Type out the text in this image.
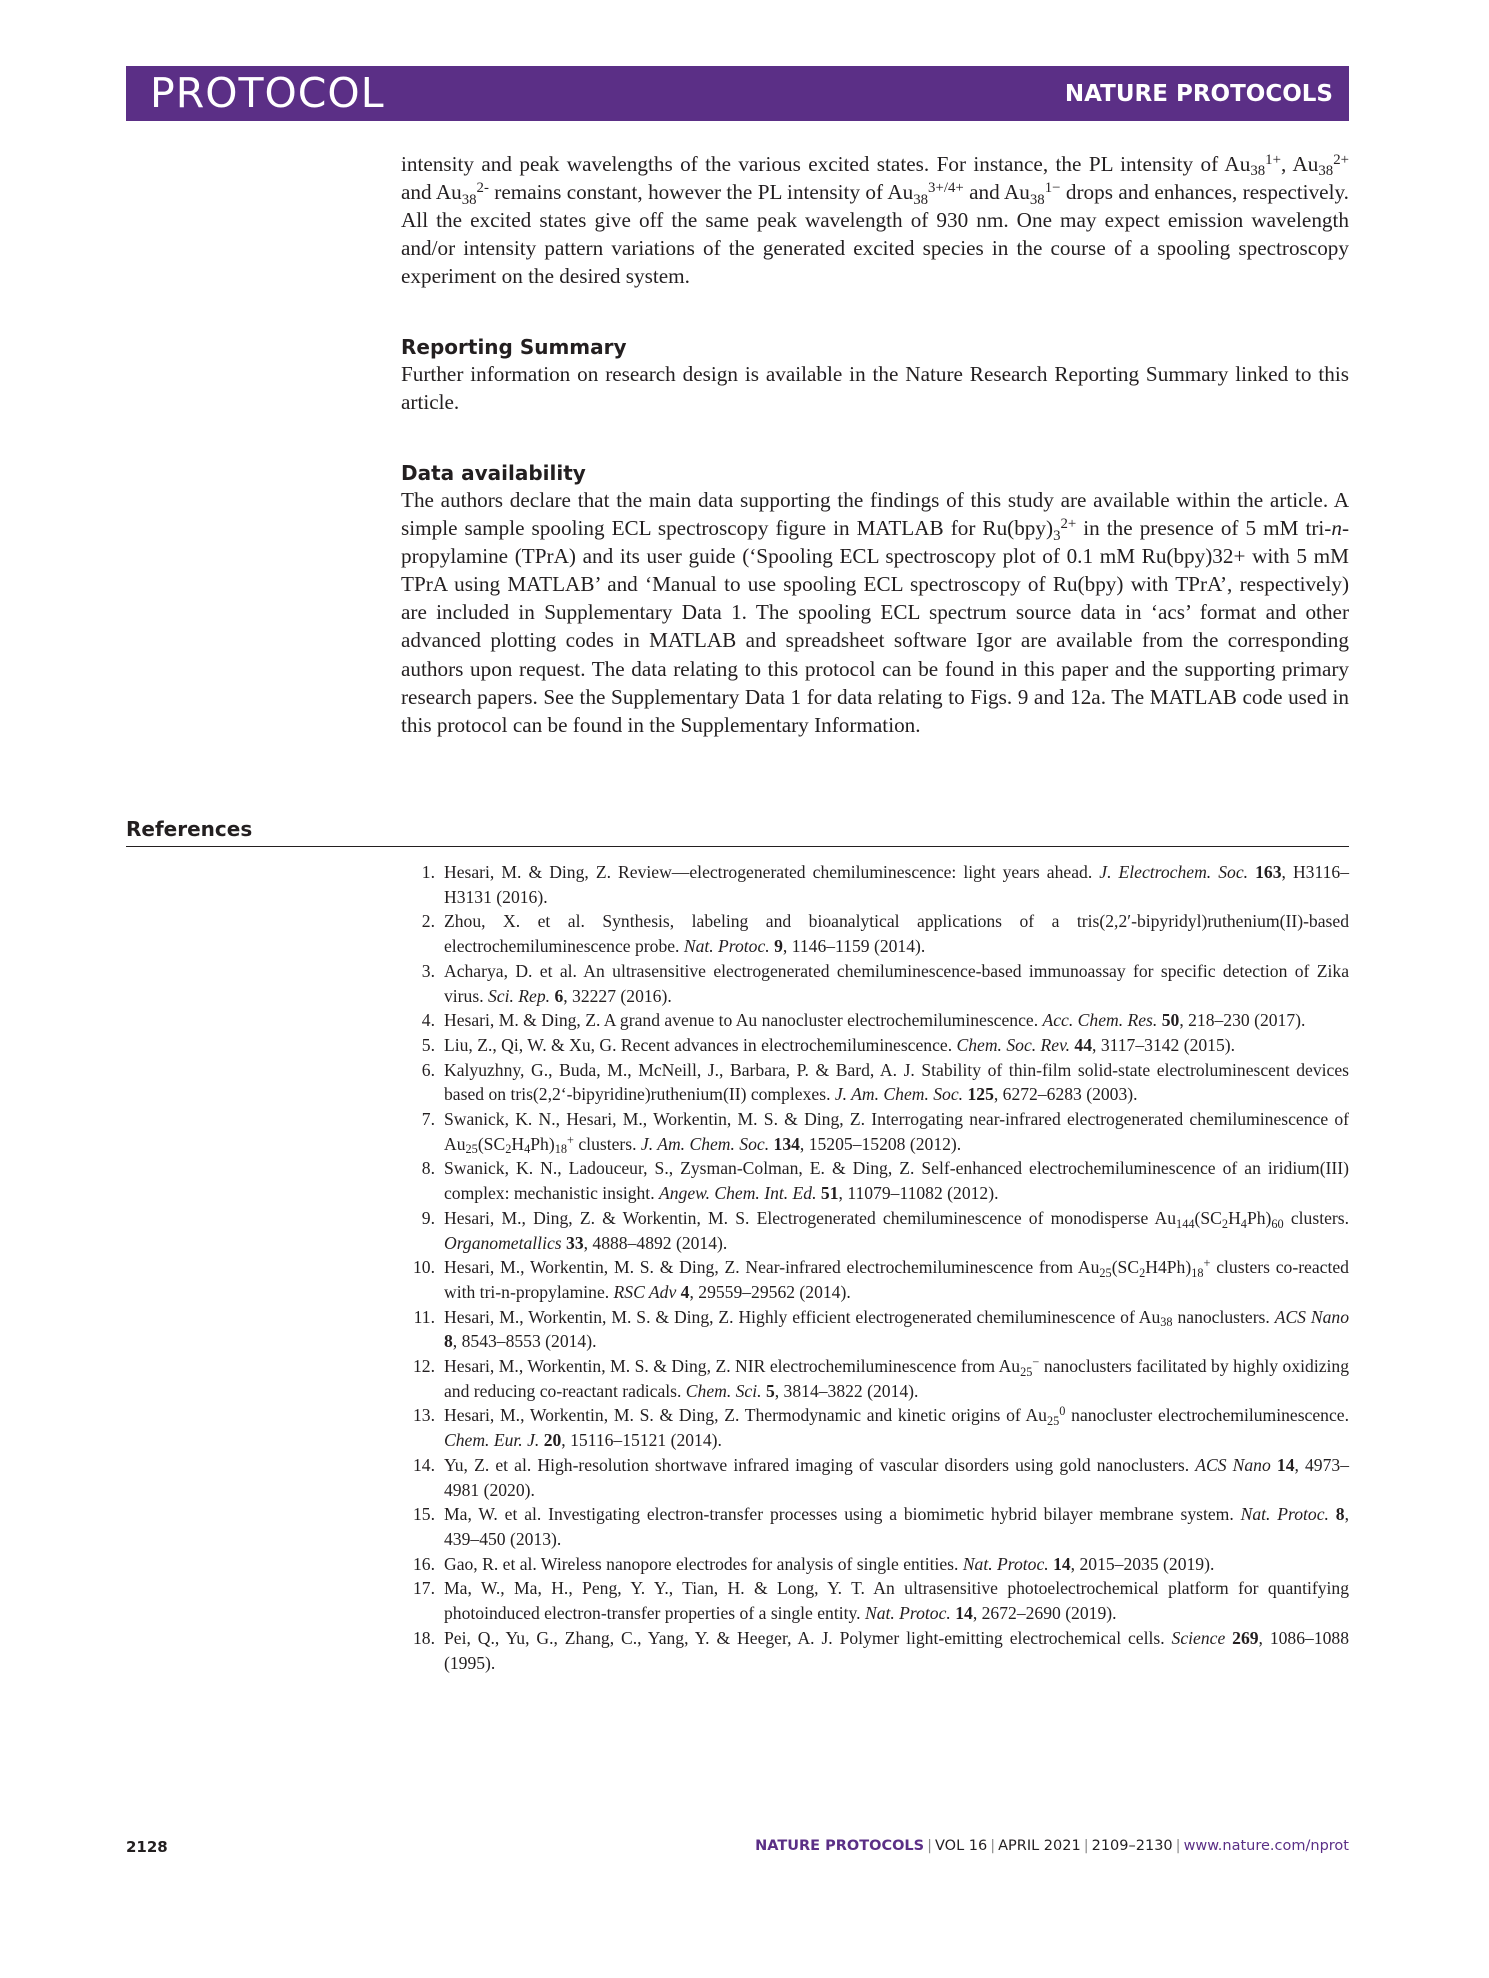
PROTOCOL	NATURE PROTOCOLS

intensity and peak wavelengths of the various excited states. For instance, the PL intensity of $Au_{38}^{1+}$, $Au_{38}^{2+}$ and $Au_{38}^{2-}$ remains constant, however the PL intensity of $Au_{38}^{3+/4+}$ and $Au_{38}^{1-}$ drops and enhances, respectively. All the excited states give off the same peak wavelength of 930 nm. One may expect emission wavelength and/or intensity pattern variations of the generated excited species in the course of a spooling spectroscopy experiment on the desired system.

Reporting Summary

Further information on research design is available in the Nature Research Reporting Summary linked to this article.

Data availability

The authors declare that the main data supporting the findings of this study are available within the article. A simple sample spooling ECL spectroscopy figure in MATLAB for $Ru(bpy)_3^{2+}$ in the presence of 5 mM tri-n-propylamine (TPrA) and its user guide (‘Spooling ECL spectroscopy plot of 0.1 mM Ru(bpy)32+ with 5 mM TPrA using MATLAB’ and ‘Manual to use spooling ECL spectroscopy of Ru(bpy) with TPrA’, respectively) are included in Supplementary Data 1. The spooling ECL spectrum source data in ‘acs’ format and other advanced plotting codes in MATLAB and spreadsheet software Igor are available from the corresponding authors upon request. The data relating to this protocol can be found in this paper and the supporting primary research papers. See the Supplementary Data 1 for data relating to Figs. 9 and 12a. The MATLAB code used in this protocol can be found in the Supplementary Information.

References
1. Hesari, M. & Ding, Z. Review—electrogenerated chemiluminescence: light years ahead. J. Electrochem. Soc. 163, H3116–H3131 (2016).
2. Zhou, X. et al. Synthesis, labeling and bioanalytical applications of a tris(2,2′-bipyridyl)ruthenium(II)-based electrochemiluminescence probe. Nat. Protoc. 9, 1146–1159 (2014).
3. Acharya, D. et al. An ultrasensitive electrogenerated chemiluminescence-based immunoassay for specific detection of Zika virus. Sci. Rep. 6, 32227 (2016).
4. Hesari, M. & Ding, Z. A grand avenue to Au nanocluster electrochemiluminescence. Acc. Chem. Res. 50, 218–230 (2017).
5. Liu, Z., Qi, W. & Xu, G. Recent advances in electrochemiluminescence. Chem. Soc. Rev. 44, 3117–3142 (2015).
6. Kalyuzhny, G., Buda, M., McNeill, J., Barbara, P. & Bard, A. J. Stability of thin-film solid-state electroluminescent devices based on tris(2,2‘-bipyridine)ruthenium(II) complexes. J. Am. Chem. Soc. 125, 6272–6283 (2003).
7. Swanick, K. N., Hesari, M., Workentin, M. S. & Ding, Z. Interrogating near-infrared electrogenerated chemiluminescence of $Au_{25}(SC_2H_4Ph)_{18}^+$ clusters. J. Am. Chem. Soc. 134, 15205–15208 (2012).
8. Swanick, K. N., Ladouceur, S., Zysman-Colman, E. & Ding, Z. Self-enhanced electrochemiluminescence of an iridium(III) complex: mechanistic insight. Angew. Chem. Int. Ed. 51, 11079–11082 (2012).
9. Hesari, M., Ding, Z. & Workentin, M. S. Electrogenerated chemiluminescence of monodisperse $Au_{144}(SC_2H_4Ph)_{60}$ clusters. Organometallics 33, 4888–4892 (2014).
10. Hesari, M., Workentin, M. S. & Ding, Z. Near-infrared electrochemiluminescence from $Au_{25}(SC_2H4Ph)_{18}^+$ clusters co-reacted with tri-n-propylamine. RSC Adv 4, 29559–29562 (2014).
11. Hesari, M., Workentin, M. S. & Ding, Z. Highly efficient electrogenerated chemiluminescence of $Au_{38}$ nanoclusters. ACS Nano 8, 8543–8553 (2014).
12. Hesari, M., Workentin, M. S. & Ding, Z. NIR electrochemiluminescence from $Au_{25}^-$ nanoclusters facilitated by highly oxidizing and reducing co-reactant radicals. Chem. Sci. 5, 3814–3822 (2014).
13. Hesari, M., Workentin, M. S. & Ding, Z. Thermodynamic and kinetic origins of $Au_{25}^0$ nanocluster electrochemiluminescence. Chem. Eur. J. 20, 15116–15121 (2014).
14. Yu, Z. et al. High-resolution shortwave infrared imaging of vascular disorders using gold nanoclusters. ACS Nano 14, 4973–4981 (2020).
15. Ma, W. et al. Investigating electron-transfer processes using a biomimetic hybrid bilayer membrane system. Nat. Protoc. 8, 439–450 (2013).
16. Gao, R. et al. Wireless nanopore electrodes for analysis of single entities. Nat. Protoc. 14, 2015–2035 (2019).
17. Ma, W., Ma, H., Peng, Y. Y., Tian, H. & Long, Y. T. An ultrasensitive photoelectrochemical platform for quantifying photoinduced electron-transfer properties of a single entity. Nat. Protoc. 14, 2672–2690 (2019).
18. Pei, Q., Yu, G., Zhang, C., Yang, Y. & Heeger, A. J. Polymer light-emitting electrochemical cells. Science 269, 1086–1088 (1995).
2128	NATURE PROTOCOLS | VOL 16 | APRIL 2021 | 2109–2130 | www.nature.com/nprot
